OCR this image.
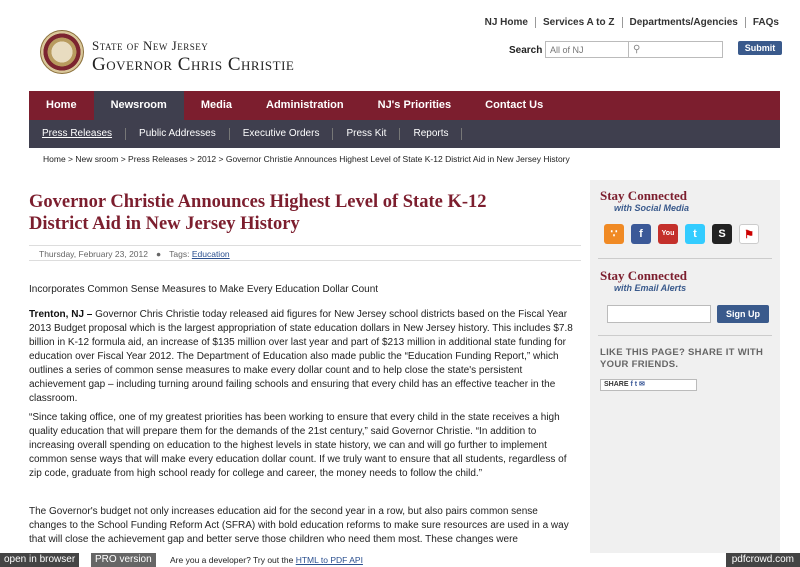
NJ Home	Services A to Z	Departments/Agencies	FAQs
State of New Jersey
Governor Chris Christie
Search
All of NJ	⚲	Submit
Home	Newsroom	Media	Administration	NJ's Priorities	Contact Us
Press Releases	Public Addresses	Executive Orders	Press Kit	Reports
Home > New sroom > Press Releases > 2012 > Governor Christie Announces Highest Level of State K-12 District Aid in New Jersey History
Governor Christie Announces Highest Level of State K-12 District Aid in New Jersey History
Thursday, February 23, 2012 ● Tags: Education
Incorporates Common Sense Measures to Make Every Education Dollar Count

Trenton, NJ – Governor Chris Christie today released aid figures for New Jersey school districts based on the Fiscal Year 2013 Budget proposal which is the largest appropriation of state education dollars in New Jersey history. This includes $7.8 billion in K-12 formula aid, an increase of $135 million over last year and part of $213 million in additional state funding for education over Fiscal Year 2012. The Department of Education also made public the “Education Funding Report,” which outlines a series of common sense measures to make every dollar count and to help close the state's persistent achievement gap – including turning around failing schools and ensuring that every child has an effective teacher in the classroom.

“Since taking office, one of my greatest priorities has been working to ensure that every child in the state receives a high quality education that will prepare them for the demands of the 21st century,” said Governor Christie. “In addition to increasing overall spending on education to the highest levels in state history, we can and will go further to implement common sense ways that will make every education dollar count. If we truly want to ensure that all students, regardless of zip code, graduate from high school ready for college and career, the money needs to follow the child.”

The Governor's budget not only increases education aid for the second year in a row, but also pairs common sense changes to the School Funding Reform Act (SFRA) with bold education reforms to make sure resources are used in a way that will close the achievement gap and better serve those children who need them most. These changes were

Stay Connected
with Social Media
∵	f	You	t	S	⚑
Stay Connected
with Email Alerts
Sign Up
LIKE THIS PAGE? SHARE IT WITH YOUR FRIENDS.
SHARE f t ✉
open in browser	PRO version	Are you a developer? Try out the HTML to PDF API	pdfcrowd.com
